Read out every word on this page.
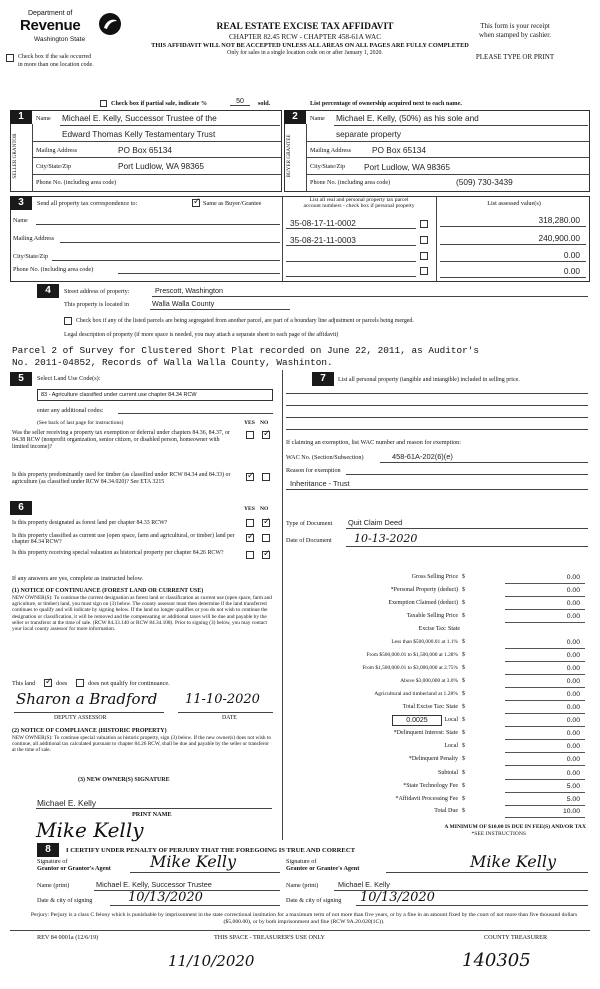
Department of
Revenue
Washington State
REAL ESTATE EXCISE TAX AFFIDAVIT
CHAPTER 82.45 RCW - CHAPTER 458-61A WAC
This form is your receipt
when stamped by cashier.
THIS AFFIDAVIT WILL NOT BE ACCEPTED UNLESS ALL AREAS ON ALL PAGES ARE FULLY COMPLETED
Only for sales in a single location code on or after January 1, 2020.	PLEASE TYPE OR PRINT
Check box if the sale occurred
in more than one location code.
Check box if partial sale, indicate %	50	sold.	List percentage of ownership acquired next to each name.
1
SELLER GRANTOR
Name Michael E. Kelly, Successor Trustee of the
Edward Thomas Kelly Testamentary Trust
Mailing Address	PO Box 65134
City/State/Zip	Port Ludlow, WA 98365
Phone No. (including area code)
2
BUYER GRANTEE
Name Michael E. Kelly, (50%) as his sole and
separate property
Mailing Address	PO Box 65134
City/State/Zip Port Ludlow, WA 98365
Phone No. (including area code)	(509) 730-3439
3	Send all property tax correspondence to: ✓	Same as Buyer/Grantee	List all real and personal property tax parcel
account numbers - check box if personal property	List assessed value(s)
Name
Mailing Address
City/State/Zip
Phone No. (including area code)
35-08-17-11-0002	318,280.00
35-08-21-11-0003	240,900.00
0.00
0.00
4	Street address of property:	Prescott, Washington
This property is located in	Walla Walla County
Check box if any of the listed parcels are being segregated from another parcel, are part of a boundary line adjustment or parcels being merged.
Legal description of property (if more space is needed, you may attach a separate sheet to each page of the affidavit)
Parcel 2 of Survey for Clustered Short Plat recorded on June 22, 2011, as Auditor's
No. 2011-04852, Records of Walla Walla County, Washinton.
5	Select Land Use Code(s):
83 - Agriculture classified under current use chapter 84.34 RCW
enter any additional codes:
(See back of last page for instructions)	YES NO
Was the seller receiving a property tax exemption or deferral under chapters 84.36, 84.37, or 84.38 RCW (nonprofit organization, senior citizen, or disabled person, homeowner with limited income)?
✓
Is this property predominantly used for timber (as classified under RCW 84.34 and 84.33) or agriculture (as classified under RCW 84.34.020)? See ETA 3215
✓
6	YES NO
Is this property designated as forest land per chapter 84.33 RCW?
✓
Is this property classified as current use (open space, farm and agricultural, or timber) land per chapter 84.34 RCW?
✓
Is this property receiving special valuation as historical property per chapter 84.26 RCW?
✓
If any answers are yes, complete as instructed below.
(1) NOTICE OF CONTINUANCE (FOREST LAND OR CURRENT USE)
NEW OWNER(S): To continue the current designation as forest land or classification as current use (open space, farm and agriculture, or timber) land, you must sign on (3) below. The county assessor must then determine if the land transferred continues to qualify and will indicate by signing below. If the land no longer qualifies or you do not wish to continue the designation or classification, it will be removed and the compensating or additional taxes will be due and payable by the seller or transferor at the time of sale. (RCW 84.33.140 or RCW 84.34.108). Prior to signing (3) below, you may contact your local county assessor for more information.
This land ✓	does	does not qualify for continuance.
Sharon a Bradford 11-10-2020
DEPUTY ASSESSOR	DATE
(2) NOTICE OF COMPLIANCE (HISTORIC PROPERTY)
NEW OWNER(S): To continue special valuation as historic property, sign (3) below. If the new owner(s) does not wish to continue, all additional tax calculated pursuant to chapter 84.26 RCW, shall be due and payable by the seller or transferor at the time of sale.
(3) NEW OWNER(S) SIGNATURE
Michael E. Kelly
PRINT NAME
Mike Kelly
7	List all personal property (tangible and intangible) included in selling price.
If claiming an exemption, list WAC number and reason for exemption:
WAC No. (Section/Subsection)	458-61A-202(6)(e)
Reason for exemption
Inheritance - Trust
Type of Document Quit Claim Deed
Date of Document 10-13-2020
Gross Selling Price $	0.00
*Personal Property (deduct) $	0.00
Exemption Claimed (deduct) $	0.00
Taxable Selling Price $	0.00
Excise Tax: State
Less than $500,000.01 at 1.1% $	0.00
From $500,000.01 to $1,500,000 at 1.28% $	0.00
From $1,500,000.01 to $3,000,000 at 2.75% $	0.00
Above $3,000,000 at 3.0% $	0.00
Agricultural and timberland at 1.28% $	0.00
Total Excise Tax: State $	0.00
0.0025	Local $	0.00
*Delinquent Interest: State $	0.00
Local $	0.00
*Delinquent Penalty $	0.00
Subtotal $	0.00
*State Technology Fee $	5.00
*Affidavit Processing Fee $	5.00
Total Due $	10.00
A MINIMUM OF $10.00 IS DUE IN FEE(S) AND/OR TAX
*SEE INSTRUCTIONS
8	I CERTIFY UNDER PENALTY OF PERJURY THAT THE FOREGOING IS TRUE AND CORRECT
Signature of
Grantor or Grantor's Agent Mike Kelly
Name (print)	Michael E. Kelly, Successor Trustee
Date & city of signing	10/13/2020
Signature of
Grantee or Grantee's Agent	Mike Kelly
Name (print)	Michael E. Kelly
Date & city of signing 10/13/2020
Perjury: Perjury is a class C felony which is punishable by imprisonment in the state correctional institution for a maximum term of not more than five years, or by a fine in an amount fixed by the court of not more than five thousand dollars ($5,000.00), or by both imprisonment and fine (RCW 9A.20.020(1C)).
REV 84 0001a (12/6/19)	THIS SPACE - TREASURER'S USE ONLY	COUNTY TREASURER
11/10/2020	140305
